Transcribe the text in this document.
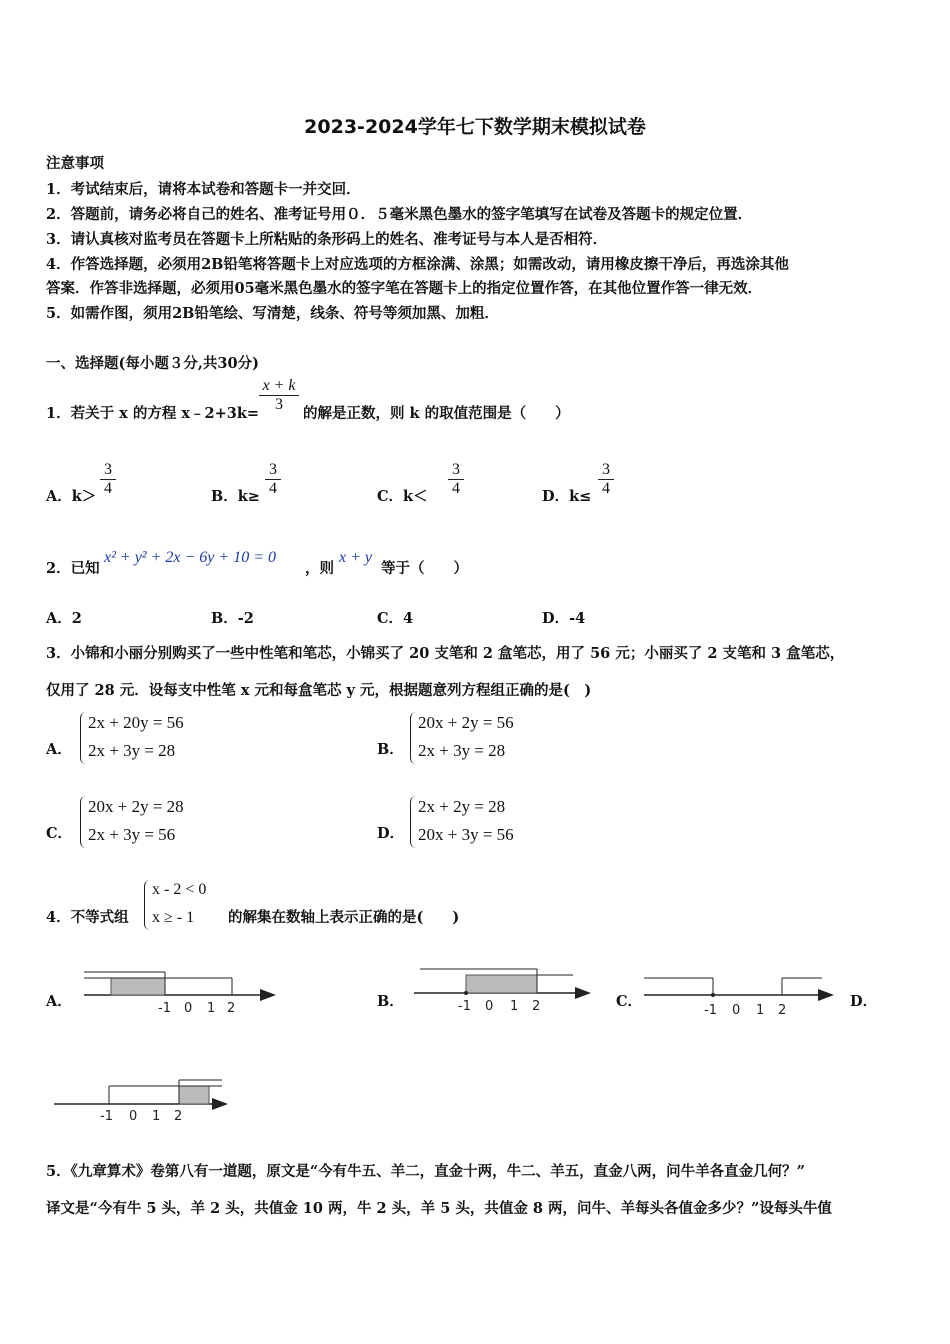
2023-2024学年七下数学期末模拟试卷
注意事项
1．考试结束后，请将本试卷和答题卡一并交回．
2．答题前，请务必将自己的姓名、准考证号用０．５毫米黑色墨水的签字笔填写在试卷及答题卡的规定位置．
3．请认真核对监考员在答题卡上所粘贴的条形码上的姓名、准考证号与本人是否相符．
4．作答选择题，必须用2B铅笔将答题卡上对应选项的方框涂满、涂黑；如需改动，请用橡皮擦干净后，再选涂其他
答案．作答非选择题，必须用05毫米黑色墨水的签字笔在答题卡上的指定位置作答，在其他位置作答一律无效．
5．如需作图，须用2B铅笔绘、写清楚，线条、符号等须加黑、加粗．
一、选择题(每小题３分,共30分)
1．若关于 x 的方程 x﹣2+3k= $\frac{x + k}{3}$ 的解是正数，则 k 的取值范围是（　　）
A．$k> \frac{3}{4}$	B．$k\ge \frac{3}{4}$	C．$k< \frac{3}{4}$	D．$k\le \frac{3}{4}$
2．已知
x² + y² + 2x − 6y + 10 = 0
，则
x + y
等于（　　）
A．2	B．-2	C．4	D．-4
3．小锦和小丽分别购买了一些中性笔和笔芯，小锦买了 20 支笔和 2 盒笔芯，用了 56 元；小丽买了 2 支笔和 3 盒笔芯，
仅用了 28 元．设每支中性笔 x 元和每盒笔芯 y 元，根据题意列方程组正确的是(　)
A．
2x + 20y = 56
2x + 3y = 28	B．
20x + 2y = 56
2x + 3y = 28
C．
20x + 2y = 28
2x + 3y = 56	D．
2x + 2y = 28
20x + 3y = 56
4．不等式组
x - 2 < 0
x ≥ - 1	的解集在数轴上表示正确的是(　　)
A．	-1 0 1 2	B．	-1 0 1 2	C．
-1 0 1 2
D．
-1 0 1 2
5．《九章算术》卷第八有一道题，原文是“今有牛五、羊二，直金十两，牛二、羊五，直金八两，问牛羊各直金几何？”
译文是“今有牛 5 头，羊 2 头，共值金 10 两，牛 2 头，羊 5 头，共值金 8 两，问牛、羊每头各值金多少？”设每头牛值
